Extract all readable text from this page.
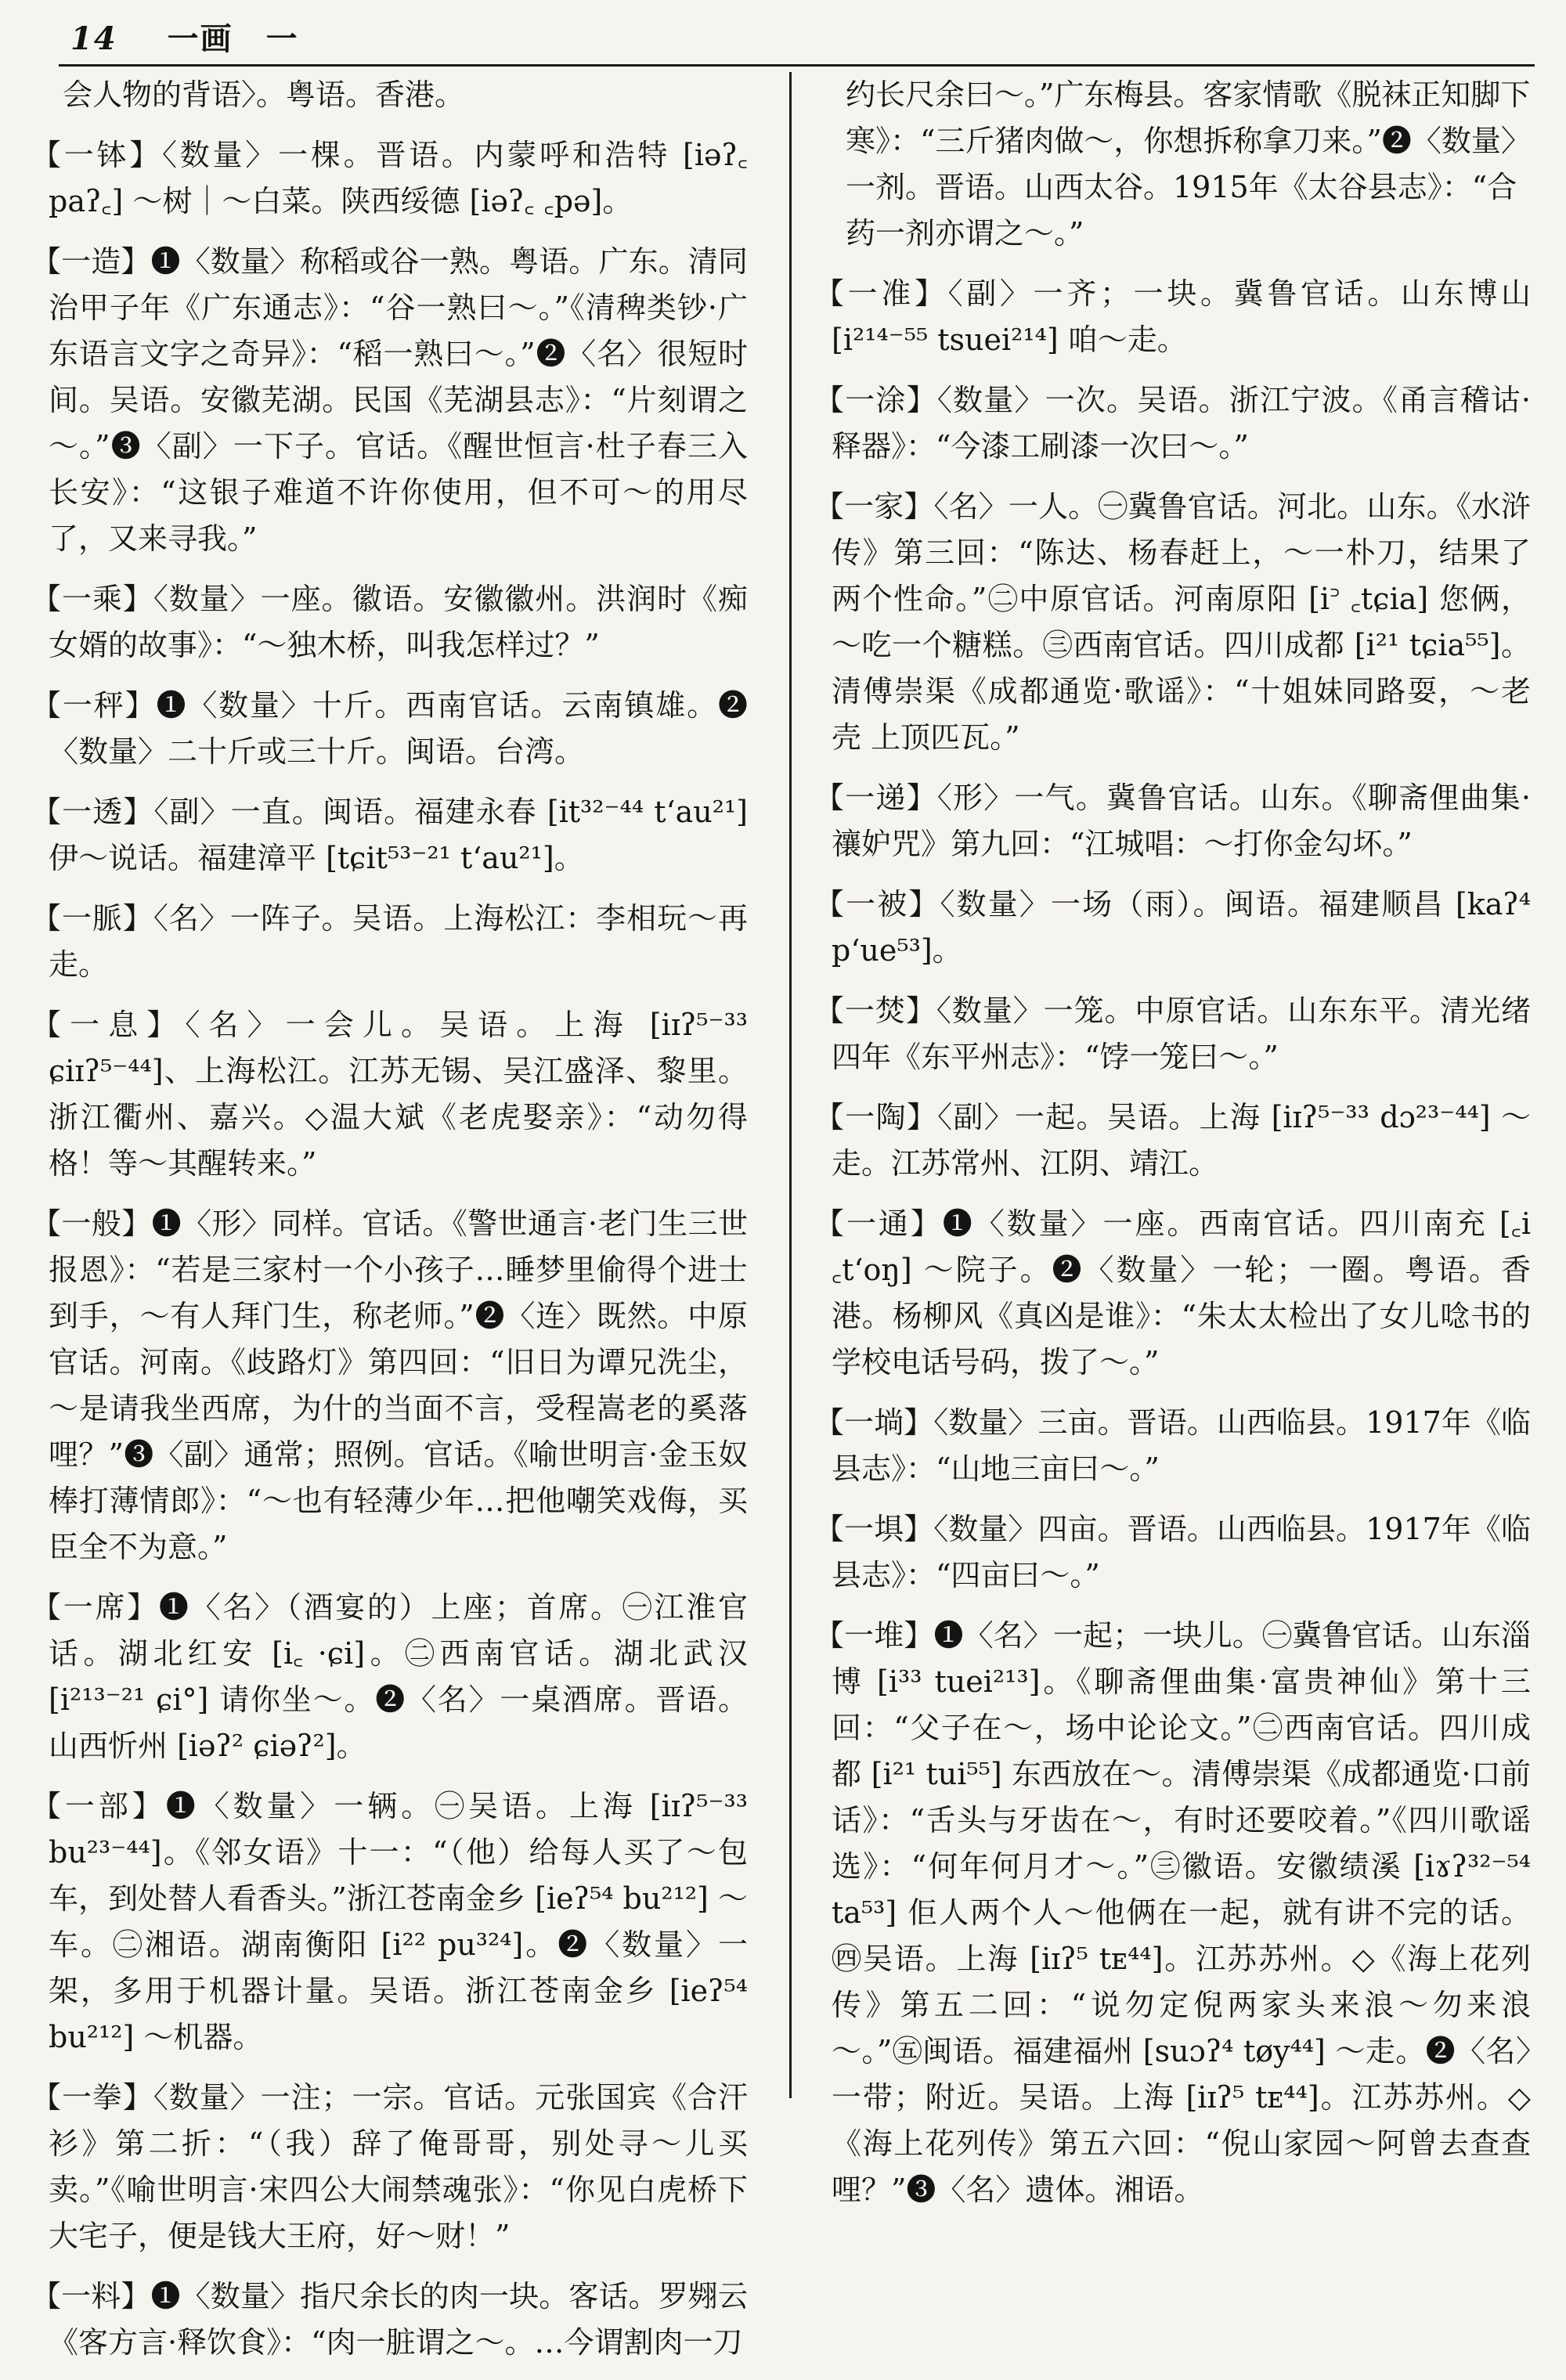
14 一画　一

会人物的背语〉。粤语。香港。

【一钵】〈数量〉一棵。晋语。内蒙呼和浩特 [iəʔ꜀ paʔ꜀] ～树｜～白菜。陕西绥德 [iəʔ꜀ ꜀pə]。

【一造】❶〈数量〉称稻或谷一熟。粤语。广东。清同治甲子年《广东通志》：“谷一熟曰～。”《清稗类钞·广东语言文字之奇异》：“稻一熟曰～。”❷〈名〉很短时间。吴语。安徽芜湖。民国《芜湖县志》：“片刻谓之～。”❸〈副〉一下子。官话。《醒世恒言·杜子春三入长安》：“这银子难道不许你使用，但不可～的用尽了，又来寻我。”

【一乘】〈数量〉一座。徽语。安徽徽州。洪润时《痴女婿的故事》：“～独木桥，叫我怎样过？”

【一秤】❶〈数量〉十斤。西南官话。云南镇雄。❷〈数量〉二十斤或三十斤。闽语。台湾。

【一透】〈副〉一直。闽语。福建永春 [it³²⁻⁴⁴ tʻau²¹] 伊～说话。福建漳平 [tɕit⁵³⁻²¹ tʻau²¹]。

【一脈】〈名〉一阵子。吴语。上海松江：李相玩～再走。

【一息】〈名〉一会儿。吴语。上海 [iɪʔ⁵⁻³³ ɕiɪʔ⁵⁻⁴⁴]、上海松江。江苏无锡、吴江盛泽、黎里。浙江衢州、嘉兴。◇温大斌《老虎娶亲》：“动勿得格！等～其醒转来。”

【一般】❶〈形〉同样。官话。《警世通言·老门生三世报恩》：“若是三家村一个小孩子…睡梦里偷得个进士到手，～有人拜门生，称老师。”❷〈连〉既然。中原官话。河南。《歧路灯》第四回：“旧日为谭兄洗尘，～是请我坐西席，为什的当面不言，受程嵩老的奚落哩？”❸〈副〉通常；照例。官话。《喻世明言·金玉奴棒打薄情郎》：“～也有轻薄少年…把他嘲笑戏侮，买臣全不为意。”

【一席】❶〈名〉（酒宴的）上座；首席。㊀江淮官话。湖北红安 [i꜀ ·ɕi]。㊁西南官话。湖北武汉 [i²¹³⁻²¹ ɕi°] 请你坐～。❷〈名〉一桌酒席。晋语。山西忻州 [iəʔ² ɕiəʔ²]。

【一部】❶〈数量〉一辆。㊀吴语。上海 [iɪʔ⁵⁻³³ bu²³⁻⁴⁴]。《邻女语》十一：“（他）给每人买了～包车，到处替人看香头。”浙江苍南金乡 [ieʔ⁵⁴ bu²¹²] ～车。㊁湘语。湖南衡阳 [i²² pu³²⁴]。❷〈数量〉一架，多用于机器计量。吴语。浙江苍南金乡 [ieʔ⁵⁴ bu²¹²] ～机器。

【一拳】〈数量〉一注；一宗。官话。元张国宾《合汗衫》第二折：“（我）辞了俺哥哥，别处寻～儿买卖。”《喻世明言·宋四公大闹禁魂张》：“你见白虎桥下大宅子，便是钱大王府，好～财！”

【一料】❶〈数量〉指尺余长的肉一块。客话。罗翙云《客方言·释饮食》：“肉一脏谓之～。…今谓割肉一刀

约长尺余曰～。”广东梅县。客家情歌《脱袜正知脚下寒》：“三斤猪肉做～，你想拆称拿刀来。”❷〈数量〉一剂。晋语。山西太谷。1915年《太谷县志》：“合药一剂亦谓之～。”

【一准】〈副〉一齐；一块。冀鲁官话。山东博山 [i²¹⁴⁻⁵⁵ tsuei²¹⁴] 咱～走。

【一涂】〈数量〉一次。吴语。浙江宁波。《甬言稽诂·释器》：“今漆工刷漆一次曰～。”

【一家】〈名〉一人。㊀冀鲁官话。河北。山东。《水浒传》第三回：“陈达、杨春赶上，～一朴刀，结果了两个性命。”㊁中原官话。河南原阳 [i꜄ ꜀tɕia] 您俩，～吃一个糖糕。㊂西南官话。四川成都 [i²¹ tɕia⁵⁵]。清傅崇渠《成都通览·歌谣》：“十姐妹同路耍，～老 壳 上顶匹瓦。”

【一递】〈形〉一气。冀鲁官话。山东。《聊斋俚曲集·禳妒咒》第九回：“江城唱：～打你金勾坏。”

【一被】〈数量〉一场（雨）。闽语。福建顺昌 [kaʔ⁴ pʻue⁵³]。

【一焚】〈数量〉一笼。中原官话。山东东平。清光绪四年《东平州志》：“饽一笼曰～。”

【一陶】〈副〉一起。吴语。上海 [iɪʔ⁵⁻³³ dɔ²³⁻⁴⁴] ～走。江苏常州、江阴、靖江。

【一通】❶〈数量〉一座。西南官话。四川南充 [꜀i ꜀tʻoŋ] ～院子。❷〈数量〉一轮；一圈。粤语。香港。杨柳风《真凶是谁》：“朱太太检出了女儿唸书的学校电话号码，拨了～。”

【一埫】〈数量〉三亩。晋语。山西临县。1917年《临县志》：“山地三亩曰～。”

【一埧】〈数量〉四亩。晋语。山西临县。1917年《临县志》：“四亩曰～。”

【一堆】❶〈名〉一起；一块儿。㊀冀鲁官话。山东淄博 [i³³ tuei²¹³]。《聊斋俚曲集·富贵神仙》第十三回：“父子在～，场中论论文。”㊁西南官话。四川成都 [i²¹ tui⁵⁵] 东西放在～。清傅崇渠《成都通览·口前话》：“舌头与牙齿在～，有时还要咬着。”《四川歌谣选》：“何年何月才～。”㊂徽语。安徽绩溪 [iɤʔ³²⁻⁵⁴ ta⁵³] 佢人两个人～他俩在一起，就有讲不完的话。㊃吴语。上海 [iɪʔ⁵ tᴇ⁴⁴]。江苏苏州。◇《海上花列传》第五二回：“说勿定倪两家头来浪～勿来浪～。”㊄闽语。福建福州 [suɔʔ⁴ tøy⁴⁴] ～走。❷〈名〉一带；附近。吴语。上海 [iɪʔ⁵ tᴇ⁴⁴]。江苏苏州。◇《海上花列传》第五六回：“倪山家园～阿曾去查查哩？”❸〈名〉遗体。湘语。
